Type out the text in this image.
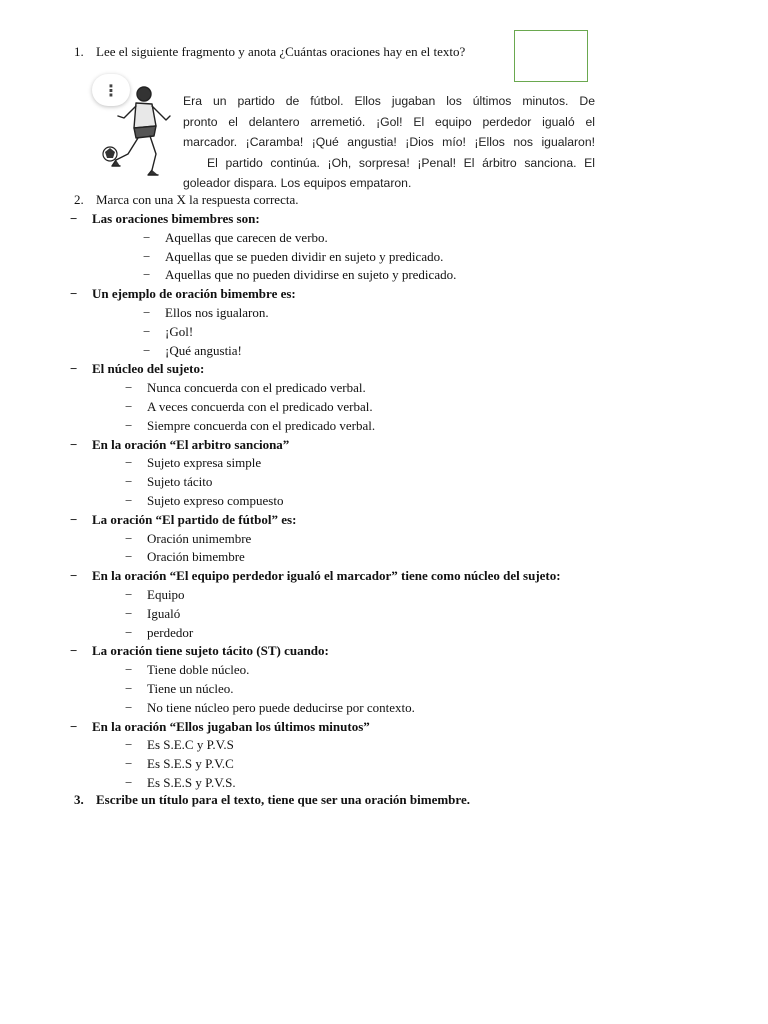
1. Lee el siguiente fragmento y anota ¿Cuántas oraciones hay en el texto?
⋮

Era un partido de fútbol. Ellos jugaban los últimos minutos. De

pronto el delantero arremetió. ¡Gol! El equipo perdedor igualó el

marcador. ¡Caramba! ¡Qué angustia! ¡Dios mío! ¡Ellos nos igualaron!

El partido continúa. ¡Oh, sorpresa! ¡Penal! El árbitro sanciona. El

goleador dispara. Los equipos empataron.

2. Marca con una X la respuesta correcta.
− Las oraciones bimembres son:
− Aquellas que carecen de verbo.
− Aquellas que se pueden dividir en sujeto y predicado.
− Aquellas que no pueden dividirse en sujeto y predicado.
− Un ejemplo de oración bimembre es:
− Ellos nos igualaron.
− ¡Gol!
− ¡Qué angustia!
− El núcleo del sujeto:
− Nunca concuerda con el predicado verbal.
− A veces concuerda con el predicado verbal.
− Siempre concuerda con el predicado verbal.
− En la oración “El arbitro sanciona”
− Sujeto expresa simple
− Sujeto tácito
− Sujeto expreso compuesto
− La oración “El partido de fútbol” es:
− Oración unimembre
− Oración bimembre
− En la oración “El equipo perdedor igualó el marcador” tiene como núcleo del sujeto:
− Equipo
− Igualó
− perdedor
− La oración tiene sujeto tácito (ST) cuando:
− Tiene doble núcleo.
− Tiene un núcleo.
− No tiene núcleo pero puede deducirse por contexto.
− En la oración “Ellos jugaban los últimos minutos”
− Es S.E.C y P.V.S
− Es S.E.S y P.V.C
− Es S.E.S y P.V.S.
3. Escribe un título para el texto, tiene que ser una oración bimembre.
